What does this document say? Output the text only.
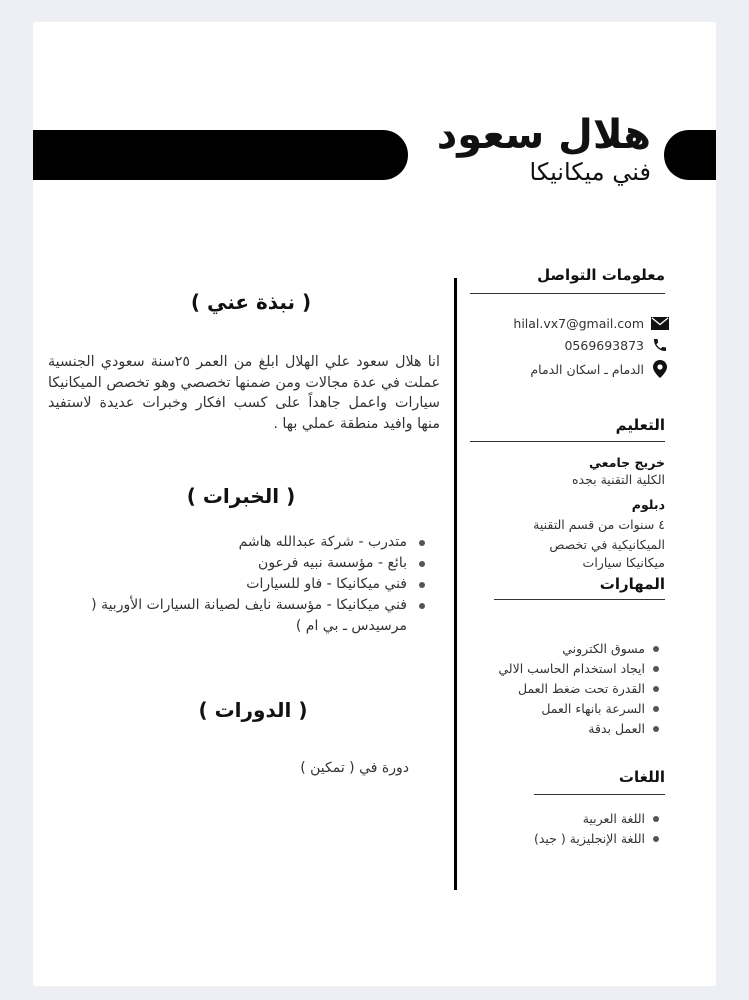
هلال سعود
فني ميكانيكا
معلومات التواصل
hilal.vx7@gmail.com
0569693873
الدمام ـ اسكان الدمام
التعليم
خريج جامعي
الكلية التقنية بجده
دبلوم
٤ سنوات من قسم التقنية
الميكانيكية في تخصص
ميكانيكا سيارات
المهارات
مسوق الكتروني
ايجاد استخدام الحاسب الالي
القدرة تحت ضغط العمل
السرعة بانهاء العمل
العمل بدقة
اللغات
اللغة العربية
اللغة الإنجليزية ( جيد)
( نبذة عني )
انا هلال سعود علي الهلال ابلغ من العمر ٢٥سنة سعودي الجنسية عملت في عدة مجالات ومن ضمنها تخصصي وهو تخصص الميكانيكا سيارات واعمل جاهداً على كسب افكار وخبرات عديدة لاستفيد منها وافيد منطقة عملي بها .
( الخبرات )
متدرب - شركة عبدالله هاشم
بائع - مؤسسة نبيه فرعون
فني ميكانيكا - فاو للسيارات
فني ميكانيكا - مؤسسة نايف لصيانة السيارات الأوربية ( مرسيدس ـ بي ام )
( الدورات )
دورة في ( تمكين )
